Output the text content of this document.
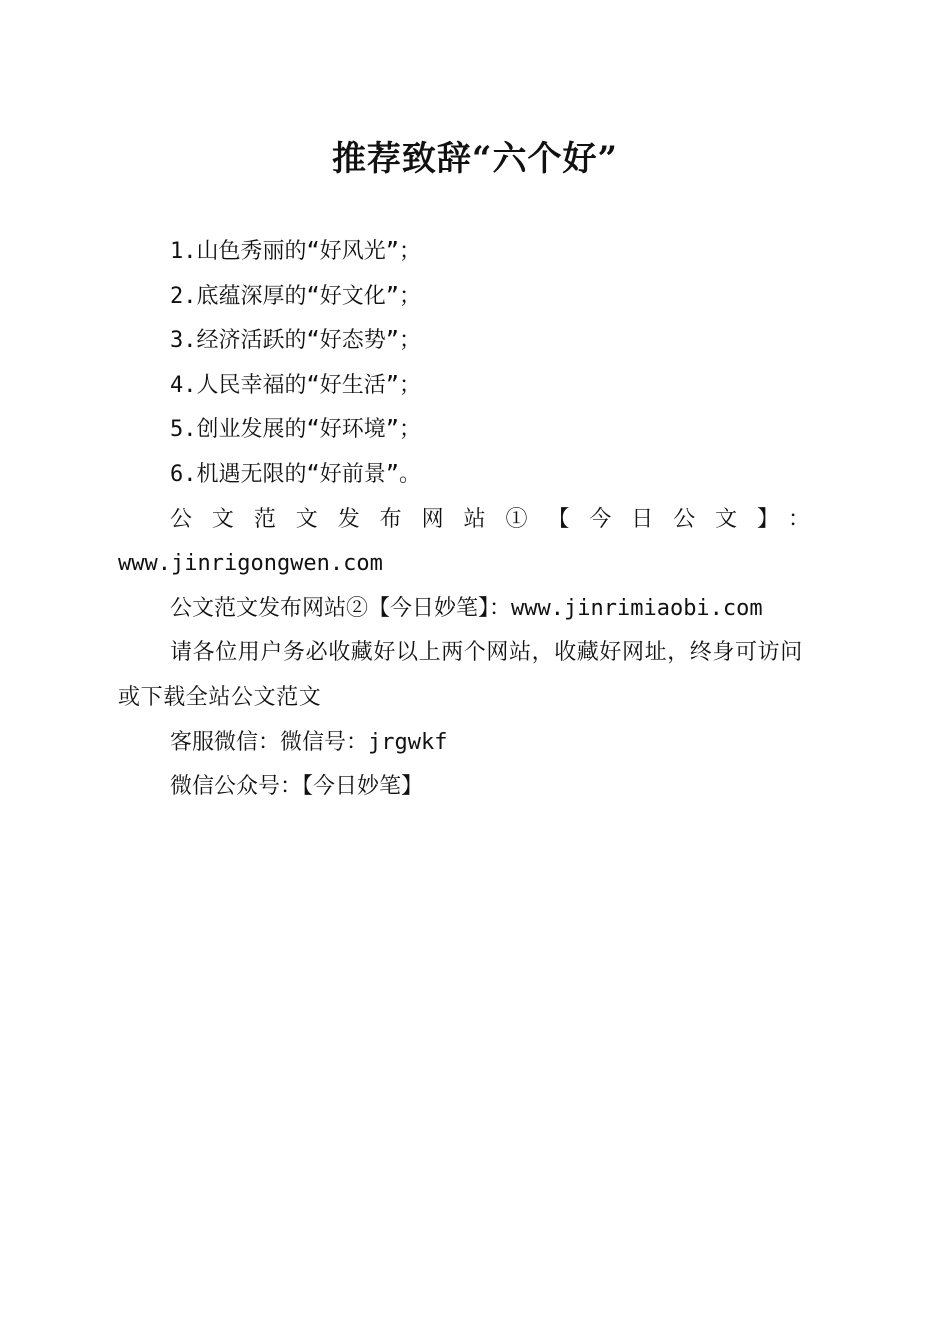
推荐致辞“六个好”

1.山色秀丽的“好风光”；

2.底蕴深厚的“好文化”；

3.经济活跃的“好态势”；

4.人民幸福的“好生活”；

5.创业发展的“好环境”；

6.机遇无限的“好前景”。

公文范文发布网站①【今日公文】：

www.jinrigongwen.com

公文范文发布网站②【今日妙笔】：www.jinrimiaobi.com

请各位用户务必收藏好以上两个网站，收藏好网址，终身可访问或下载全站公文范文

客服微信：微信号：jrgwkf

微信公众号：【今日妙笔】
